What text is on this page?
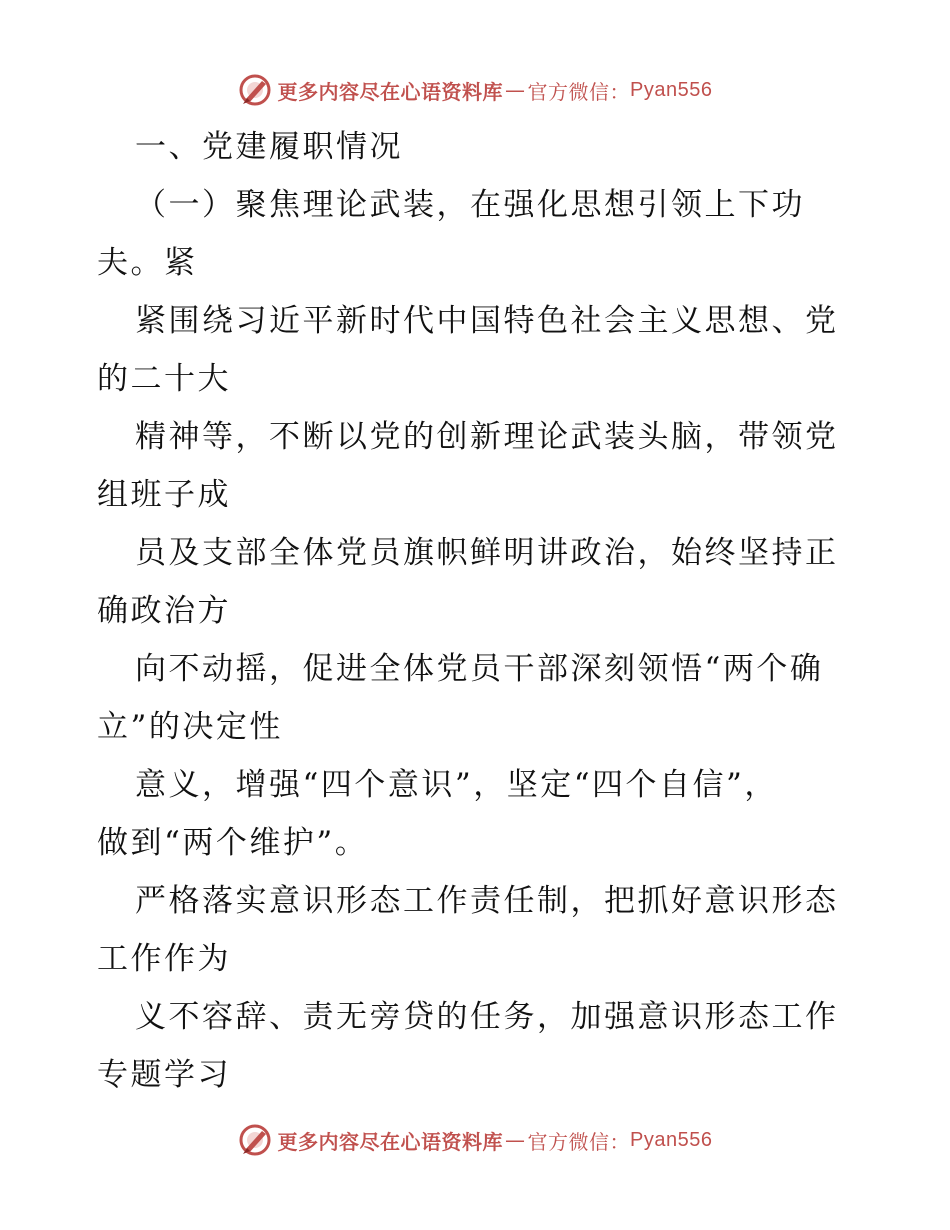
更多内容尽在心语资料库 — 官方微信： Pyan556
一、党建履职情况
（一）聚焦理论武装，在强化思想引领上下功
夫。紧
紧围绕习近平新时代中国特色社会主义思想、党
的二十大
精神等，不断以党的创新理论武装头脑，带领党
组班子成
员及支部全体党员旗帜鲜明讲政治，始终坚持正
确政治方
向不动摇，促进全体党员干部深刻领悟“两个确
立”的决定性
意义，增强“四个意识”，坚定“四个自信”，
做到“两个维护”。
严格落实意识形态工作责任制，把抓好意识形态
工作作为
义不容辞、责无旁贷的任务，加强意识形态工作
专题学习
更多内容尽在心语资料库 — 官方微信： Pyan556
